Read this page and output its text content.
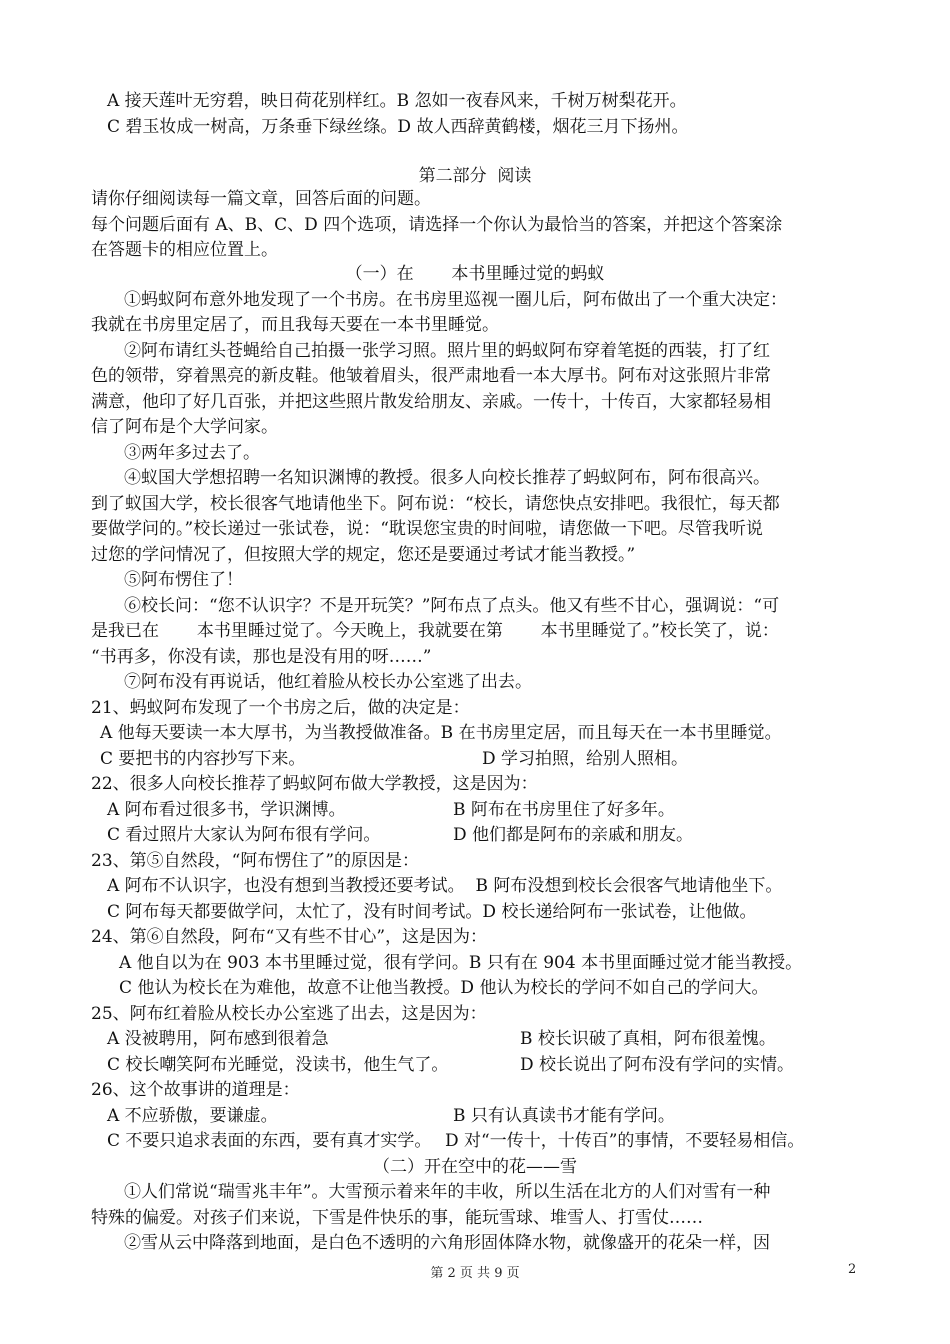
A 接天莲叶无穷碧，映日荷花别样红。B 忽如一夜春风来，千树万树梨花开。
C 碧玉妆成一树高，万条垂下绿丝绦。D 故人西辞黄鹤楼，烟花三月下扬州。
第二部分  阅读
请你仔细阅读每一篇文章，回答后面的问题。
每个问题后面有 A、B、C、D 四个选项，请选择一个你认为最恰当的答案，并把这个答案涂
在答题卡的相应位置上。
（一）在       本书里睡过觉的蚂蚁
①蚂蚁阿布意外地发现了一个书房。在书房里巡视一圈儿后，阿布做出了一个重大决定：
我就在书房里定居了，而且我每天要在一本书里睡觉。
②阿布请红头苍蝇给自己拍摄一张学习照。照片里的蚂蚁阿布穿着笔挺的西装，打了红
色的领带，穿着黑亮的新皮鞋。他皱着眉头，很严肃地看一本大厚书。阿布对这张照片非常
满意，他印了好几百张，并把这些照片散发给朋友、亲戚。一传十，十传百，大家都轻易相
信了阿布是个大学问家。
③两年多过去了。
④蚁国大学想招聘一名知识渊博的教授。很多人向校长推荐了蚂蚁阿布，阿布很高兴。
到了蚁国大学，校长很客气地请他坐下。阿布说：“校长，请您快点安排吧。我很忙，每天都
要做学问的。”校长递过一张试卷，说：“耽误您宝贵的时间啦，请您做一下吧。尽管我听说
过您的学问情况了，但按照大学的规定，您还是要通过考试才能当教授。”
⑤阿布愣住了！
⑥校长问：“您不认识字？不是开玩笑？”阿布点了点头。他又有些不甘心，强调说：“可
是我已在       本书里睡过觉了。今天晚上，我就要在第       本书里睡觉了。”校长笑了，说：
“书再多，你没有读，那也是没有用的呀……”
⑦阿布没有再说话，他红着脸从校长办公室逃了出去。
21、蚂蚁阿布发现了一个书房之后，做的决定是：
A 他每天要读一本大厚书，为当教授做准备。B 在书房里定居，而且每天在一本书里睡觉。
C 要把书的内容抄写下来。	D 学习拍照，给别人照相。
22、很多人向校长推荐了蚂蚁阿布做大学教授，这是因为：
A 阿布看过很多书，学识渊博。	B 阿布在书房里住了好多年。
C 看过照片大家认为阿布很有学问。	D 他们都是阿布的亲戚和朋友。
23、第⑤自然段，“阿布愣住了”的原因是：
A 阿布不认识字，也没有想到当教授还要考试。  B 阿布没想到校长会很客气地请他坐下。
C 阿布每天都要做学问，太忙了，没有时间考试。D 校长递给阿布一张试卷，让他做。
24、第⑥自然段，阿布“又有些不甘心”，这是因为：
A 他自以为在 903 本书里睡过觉，很有学问。B 只有在 904 本书里面睡过觉才能当教授。
C 他认为校长在为难他，故意不让他当教授。D 他认为校长的学问不如自己的学问大。
25、阿布红着脸从校长办公室逃了出去，这是因为：
A 没被聘用，阿布感到很着急	B 校长识破了真相，阿布很羞愧。
C 校长嘲笑阿布光睡觉，没读书，他生气了。	D 校长说出了阿布没有学问的实情。
26、这个故事讲的道理是：
A 不应骄傲，要谦虚。	B 只有认真读书才能有学问。
C 不要只追求表面的东西，要有真才实学。 D 对“一传十，十传百”的事情，不要轻易相信。
（二）开在空中的花——雪
①人们常说“瑞雪兆丰年”。大雪预示着来年的丰收，所以生活在北方的人们对雪有一种
特殊的偏爱。对孩子们来说，下雪是件快乐的事，能玩雪球、堆雪人、打雪仗……
②雪从云中降落到地面，是白色不透明的六角形固体降水物，就像盛开的花朵一样，因
第 2 页 共 9 页	2
